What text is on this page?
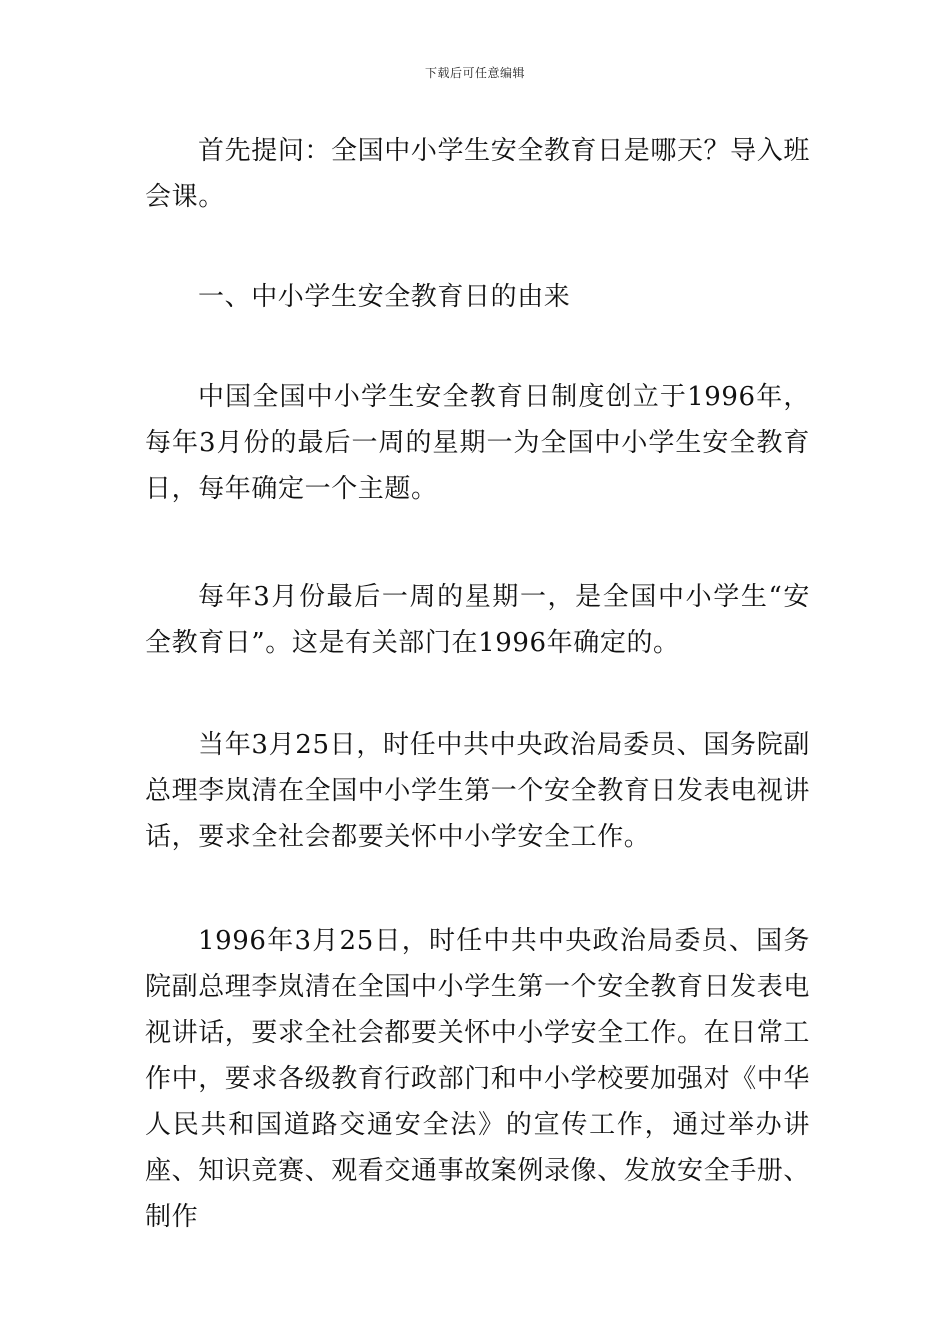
下载后可任意编辑

首先提问：全国中小学生安全教育日是哪天？导入班会课。

一、中小学生安全教育日的由来

中国全国中小学生安全教育日制度创立于1996年，每年3月份的最后一周的星期一为全国中小学生安全教育日，每年确定一个主题。

每年3月份最后一周的星期一，是全国中小学生“安全教育日”。这是有关部门在1996年确定的。

当年3月25日，时任中共中央政治局委员、国务院副总理李岚清在全国中小学生第一个安全教育日发表电视讲话，要求全社会都要关怀中小学安全工作。

1996年3月25日，时任中共中央政治局委员、国务院副总理李岚清在全国中小学生第一个安全教育日发表电视讲话，要求全社会都要关怀中小学安全工作。在日常工作中，要求各级教育行政部门和中小学校要加强对《中华人民共和国道路交通安全法》的宣传工作，通过举办讲座、知识竞赛、观看交通事故案例录像、发放安全手册、制作
